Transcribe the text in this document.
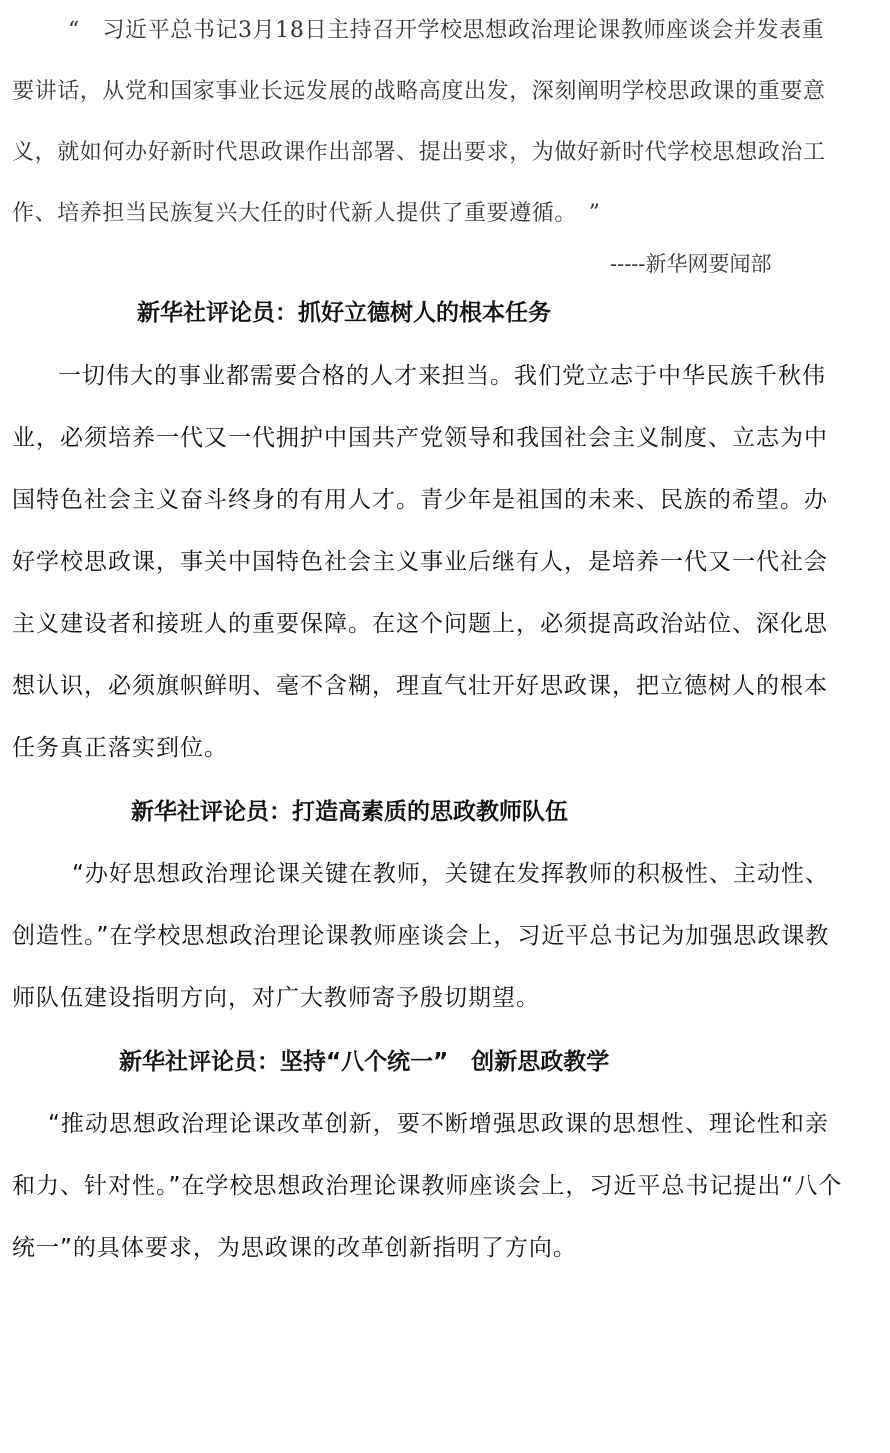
“　习近平总书记3月18日主持召开学校思想政治理论课教师座谈会并发表重要讲话，从党和国家事业长远发展的战略高度出发，深刻阐明学校思政课的重要意义，就如何办好新时代思政课作出部署、提出要求，为做好新时代学校思想政治工作、培养担当民族复兴大任的时代新人提供了重要遵循。　”

-----新华网要闻部

新华社评论员：抓好立德树人的根本任务

一切伟大的事业都需要合格的人才来担当。我们党立志于中华民族千秋伟业，必须培养一代又一代拥护中国共产党领导和我国社会主义制度、立志为中国特色社会主义奋斗终身的有用人才。青少年是祖国的未来、民族的希望。办好学校思政课，事关中国特色社会主义事业后继有人，是培养一代又一代社会主义建设者和接班人的重要保障。在这个问题上，必须提高政治站位、深化思想认识，必须旗帜鲜明、毫不含糊，理直气壮开好思政课，把立德树人的根本任务真正落实到位。

新华社评论员：打造高素质的思政教师队伍

“办好思想政治理论课关键在教师，关键在发挥教师的积极性、主动性、创造性。”在学校思想政治理论课教师座谈会上，习近平总书记为加强思政课教师队伍建设指明方向，对广大教师寄予殷切期望。

新华社评论员：坚持“八个统一”　创新思政教学

“推动思想政治理论课改革创新，要不断增强思政课的思想性、理论性和亲和力、针对性。”在学校思想政治理论课教师座谈会上，习近平总书记提出“八个统一”的具体要求，为思政课的改革创新指明了方向。
